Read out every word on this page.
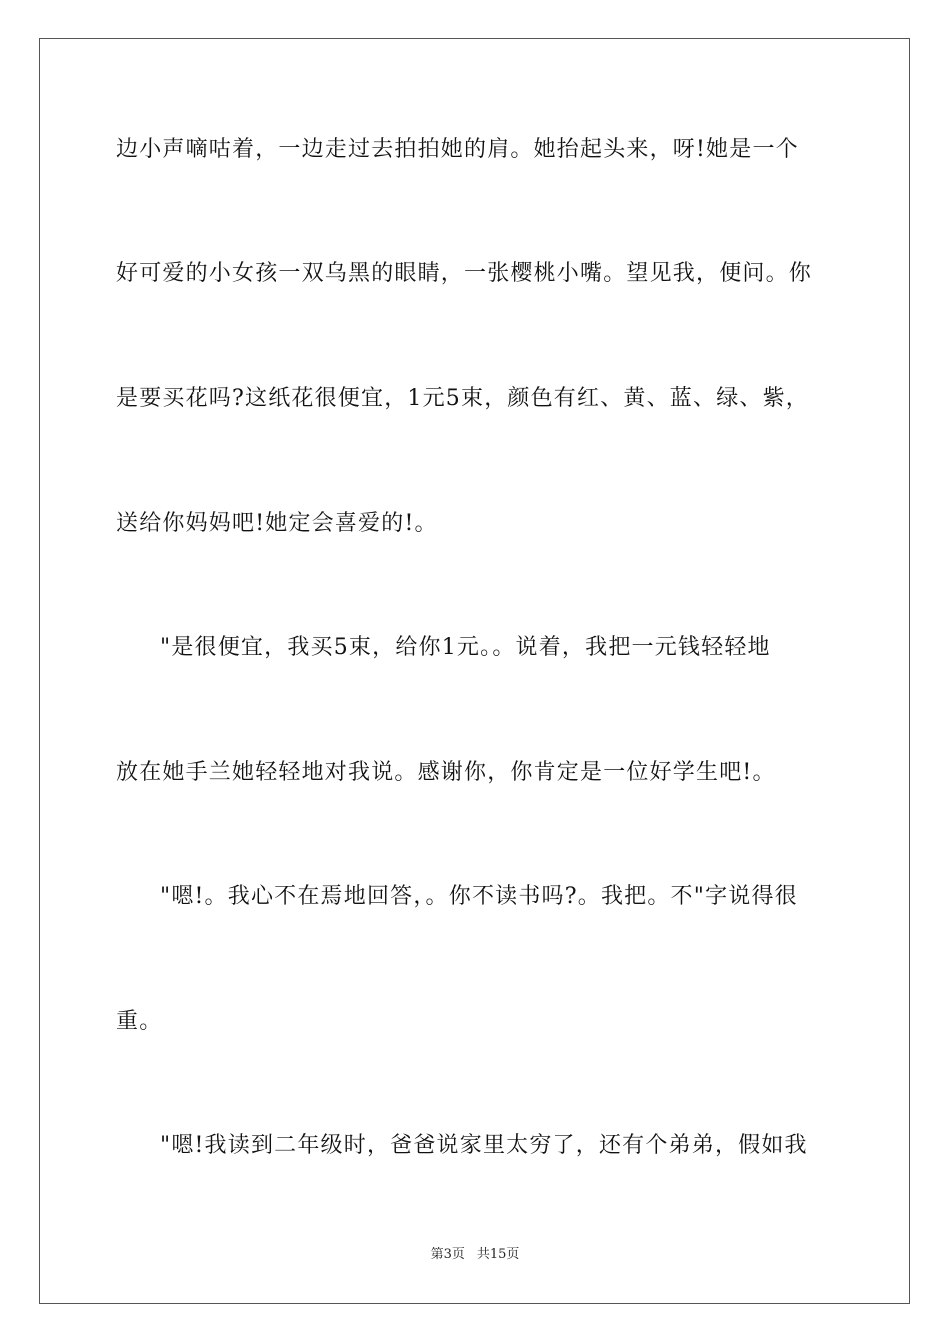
边小声嘀咕着，一边走过去拍拍她的肩。她抬起头来，呀!她是一个
好可爱的小女孩一双乌黑的眼睛，一张樱桃小嘴。望见我，便问。你
是要买花吗?这纸花很便宜，1元5束，颜色有红、黄、蓝、绿、紫，
送给你妈妈吧!她定会喜爱的!。
"是很便宜，我买5束，给你1元。。说着，我把一元钱轻轻地
放在她手兰她轻轻地对我说。感谢你，你肯定是一位好学生吧!。
"嗯!。我心不在焉地回答，。你不读书吗?。我把。不"字说得很
重。
"嗯!我读到二年级时，爸爸说家里太穷了，还有个弟弟，假如我
第3页 共15页
